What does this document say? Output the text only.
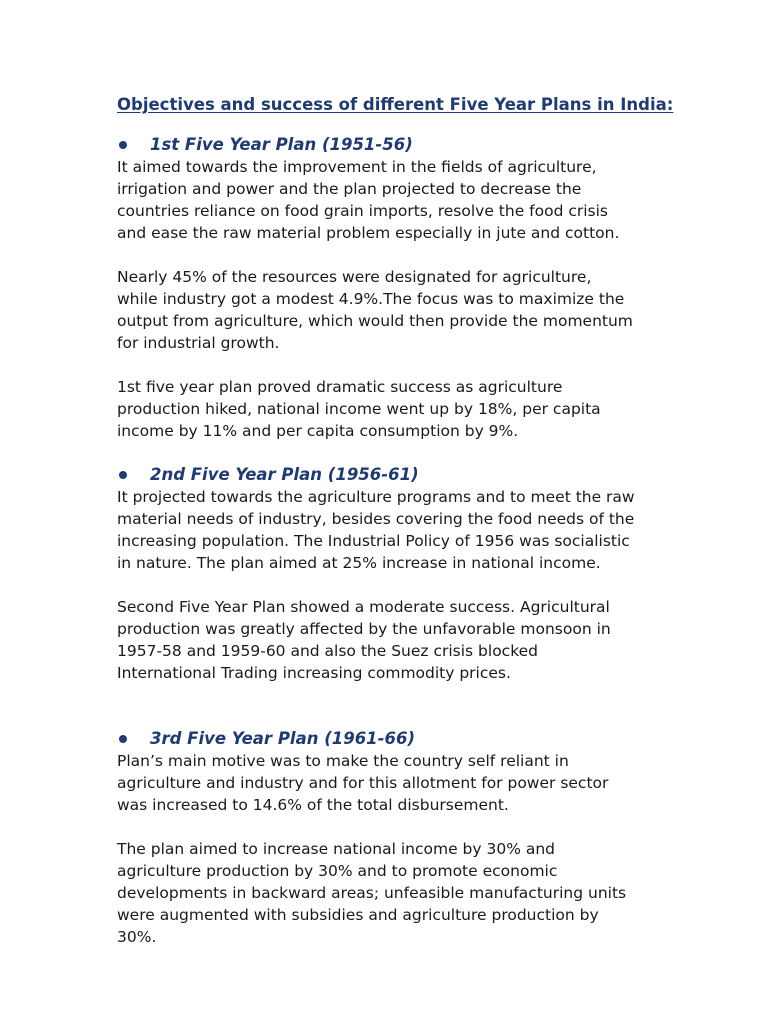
Objectives and success of different Five Year Plans in India:
1st Five Year Plan (1951-56)

It aimed towards the improvement in the fields of agriculture,
irrigation and power and the plan projected to decrease the
countries reliance on food grain imports, resolve the food crisis
and ease the raw material problem especially in jute and cotton.

Nearly 45% of the resources were designated for agriculture,
while industry got a modest 4.9%.The focus was to maximize the
output from agriculture, which would then provide the momentum
for industrial growth.

1st five year plan proved dramatic success as agriculture
production hiked, national income went up by 18%, per capita
income by 11% and per capita consumption by 9%.

2nd Five Year Plan (1956-61)

It projected towards the agriculture programs and to meet the raw
material needs of industry, besides covering the food needs of the
increasing population. The Industrial Policy of 1956 was socialistic
in nature. The plan aimed at 25% increase in national income.

Second Five Year Plan showed a moderate success. Agricultural
production was greatly affected by the unfavorable monsoon in
1957-58 and 1959-60 and also the Suez crisis blocked
International Trading increasing commodity prices.

3rd Five Year Plan (1961-66)

Plan’s main motive was to make the country self reliant in
agriculture and industry and for this allotment for power sector
was increased to 14.6% of the total disbursement.

The plan aimed to increase national income by 30% and
agriculture production by 30% and to promote economic
developments in backward areas; unfeasible manufacturing units
were augmented with subsidies and agriculture production by
30%.
